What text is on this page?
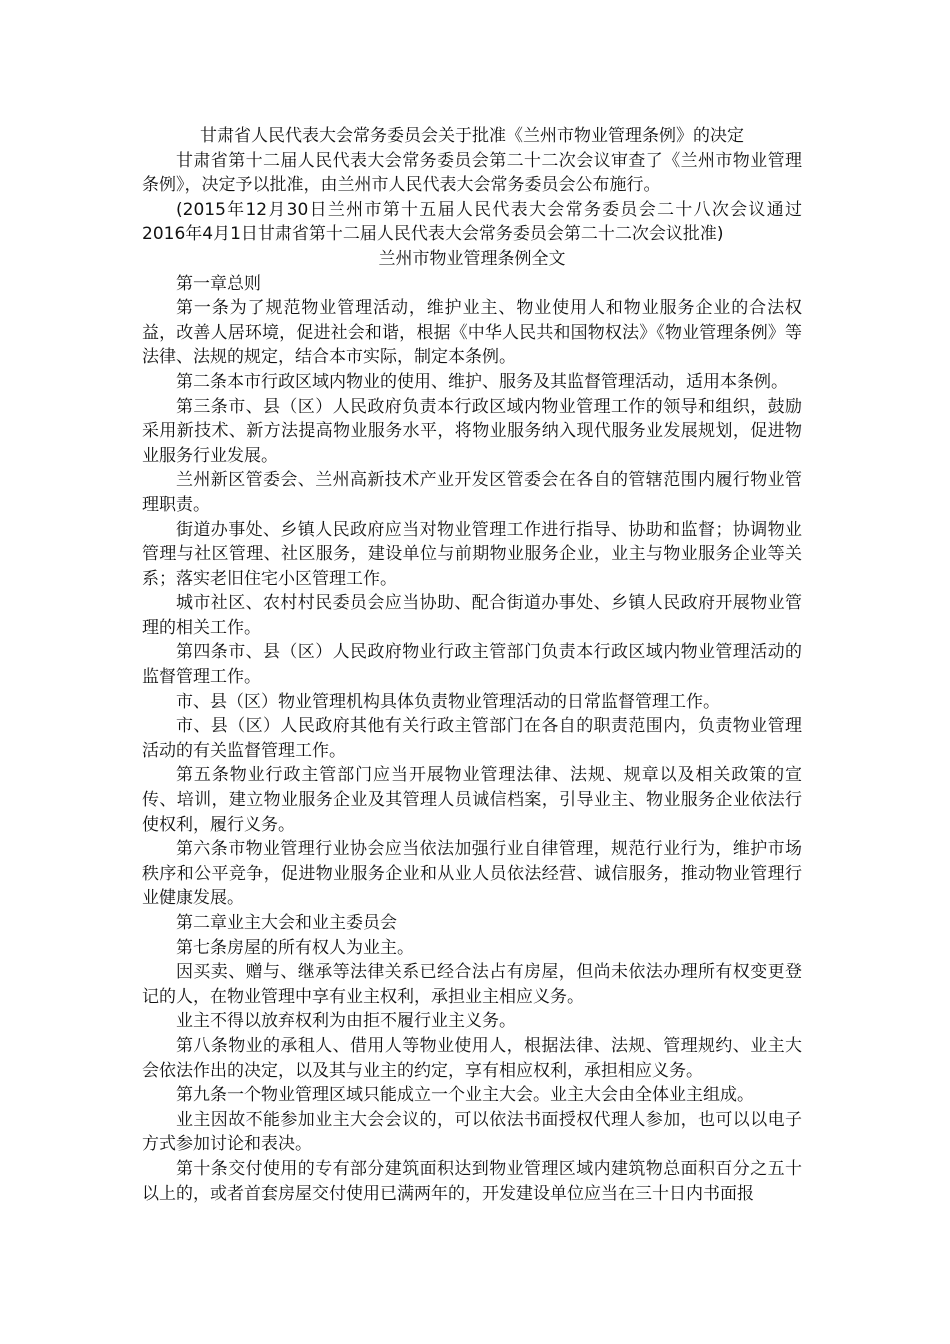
甘肃省人民代表大会常务委员会关于批准《兰州市物业管理条例》的决定

甘肃省第十二届人民代表大会常务委员会第二十二次会议审查了《兰州市物业管理条例》，决定予以批准，由兰州市人民代表大会常务委员会公布施行。

(2015年12月30日兰州市第十五届人民代表大会常务委员会二十八次会议通过2016年4月1日甘肃省第十二届人民代表大会常务委员会第二十二次会议批准)

兰州市物业管理条例全文

第一章总则

第一条为了规范物业管理活动，维护业主、物业使用人和物业服务企业的合法权益，改善人居环境，促进社会和谐，根据《中华人民共和国物权法》《物业管理条例》等法律、法规的规定，结合本市实际，制定本条例。

第二条本市行政区域内物业的使用、维护、服务及其监督管理活动，适用本条例。

第三条市、县（区）人民政府负责本行政区域内物业管理工作的领导和组织，鼓励采用新技术、新方法提高物业服务水平，将物业服务纳入现代服务业发展规划，促进物业服务行业发展。

兰州新区管委会、兰州高新技术产业开发区管委会在各自的管辖范围内履行物业管理职责。

街道办事处、乡镇人民政府应当对物业管理工作进行指导、协助和监督；协调物业管理与社区管理、社区服务，建设单位与前期物业服务企业，业主与物业服务企业等关系；落实老旧住宅小区管理工作。

城市社区、农村村民委员会应当协助、配合街道办事处、乡镇人民政府开展物业管理的相关工作。

第四条市、县（区）人民政府物业行政主管部门负责本行政区域内物业管理活动的监督管理工作。

市、县（区）物业管理机构具体负责物业管理活动的日常监督管理工作。

市、县（区）人民政府其他有关行政主管部门在各自的职责范围内，负责物业管理活动的有关监督管理工作。

第五条物业行政主管部门应当开展物业管理法律、法规、规章以及相关政策的宣传、培训，建立物业服务企业及其管理人员诚信档案，引导业主、物业服务企业依法行使权利，履行义务。

第六条市物业管理行业协会应当依法加强行业自律管理，规范行业行为，维护市场秩序和公平竞争，促进物业服务企业和从业人员依法经营、诚信服务，推动物业管理行业健康发展。

第二章业主大会和业主委员会

第七条房屋的所有权人为业主。

因买卖、赠与、继承等法律关系已经合法占有房屋，但尚未依法办理所有权变更登记的人，在物业管理中享有业主权利，承担业主相应义务。

业主不得以放弃权利为由拒不履行业主义务。

第八条物业的承租人、借用人等物业使用人，根据法律、法规、管理规约、业主大会依法作出的决定，以及其与业主的约定，享有相应权利，承担相应义务。

第九条一个物业管理区域只能成立一个业主大会。业主大会由全体业主组成。

业主因故不能参加业主大会会议的，可以依法书面授权代理人参加，也可以以电子方式参加讨论和表决。

第十条交付使用的专有部分建筑面积达到物业管理区域内建筑物总面积百分之五十以上的，或者首套房屋交付使用已满两年的，开发建设单位应当在三十日内书面报
